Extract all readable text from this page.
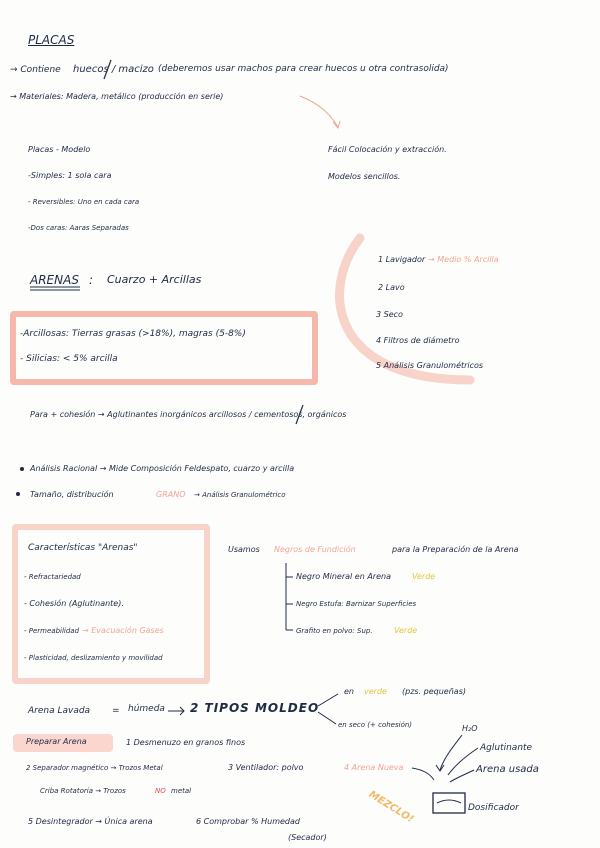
PLACAS
→ Contiene huecos / macizo (deberemos usar machos para crear huecos u otra contrasolida)
→ Materiales: Madera, metálico (producción en serie)
Placas - Modelo
-Simples: 1 sola cara
- Reversibles: Uno en cada cara
-Dos caras: Aaras Separadas
Fácil Colocación y extracción.
Modelos sencillos.
1 Lavigador → Medio % Arcilla
2 Lavo
3 Seco
4 Filtros de diámetro
5 Análisis Granulométricos
ARENAS : Cuarzo + Arcillas
-Arcillosas: Tierras grasas (>18%), magras (5-8%)
- Silicias: < 5% arcilla
Para + cohesión → Aglutinantes inorgánicos arcillosos / cementosos, orgánicos
Análisis Racional → Mide Composición Feldespato, cuarzo y arcilla
Tamaño, distribución	GRANO → Análisis Granulométrico
Características "Arenas"
- Refractariedad
- Cohesión (Aglutinante).
- Permeabilidad → Evacuación Gases
- Plasticidad, deslizamiento y movilidad
Usamos Negros de Fundición	para la Preparación de la Arena
Negro Mineral en Arena	Verde
Negro Estufa: Barnizar Superficies
Grafito en polvo: Sup.	Verde
Arena Lavada = húmeda 2 TIPOS MOLDEO
en verde (pzs. pequeñas)
en seco (+ cohesión)
Preparar Arena	1 Desmenuzo en granos finos
2 Separador magnético → Trozos Metal	3 Ventilador: polvo	4 Arena Nueva
Criba Rotatoria → Trozos	NO metal
5 Desintegrador → Única arena	6 Comprobar % Humedad
(Secador)
MEZCLO!
H₂O
Aglutinante
Arena usada
Dosificador
